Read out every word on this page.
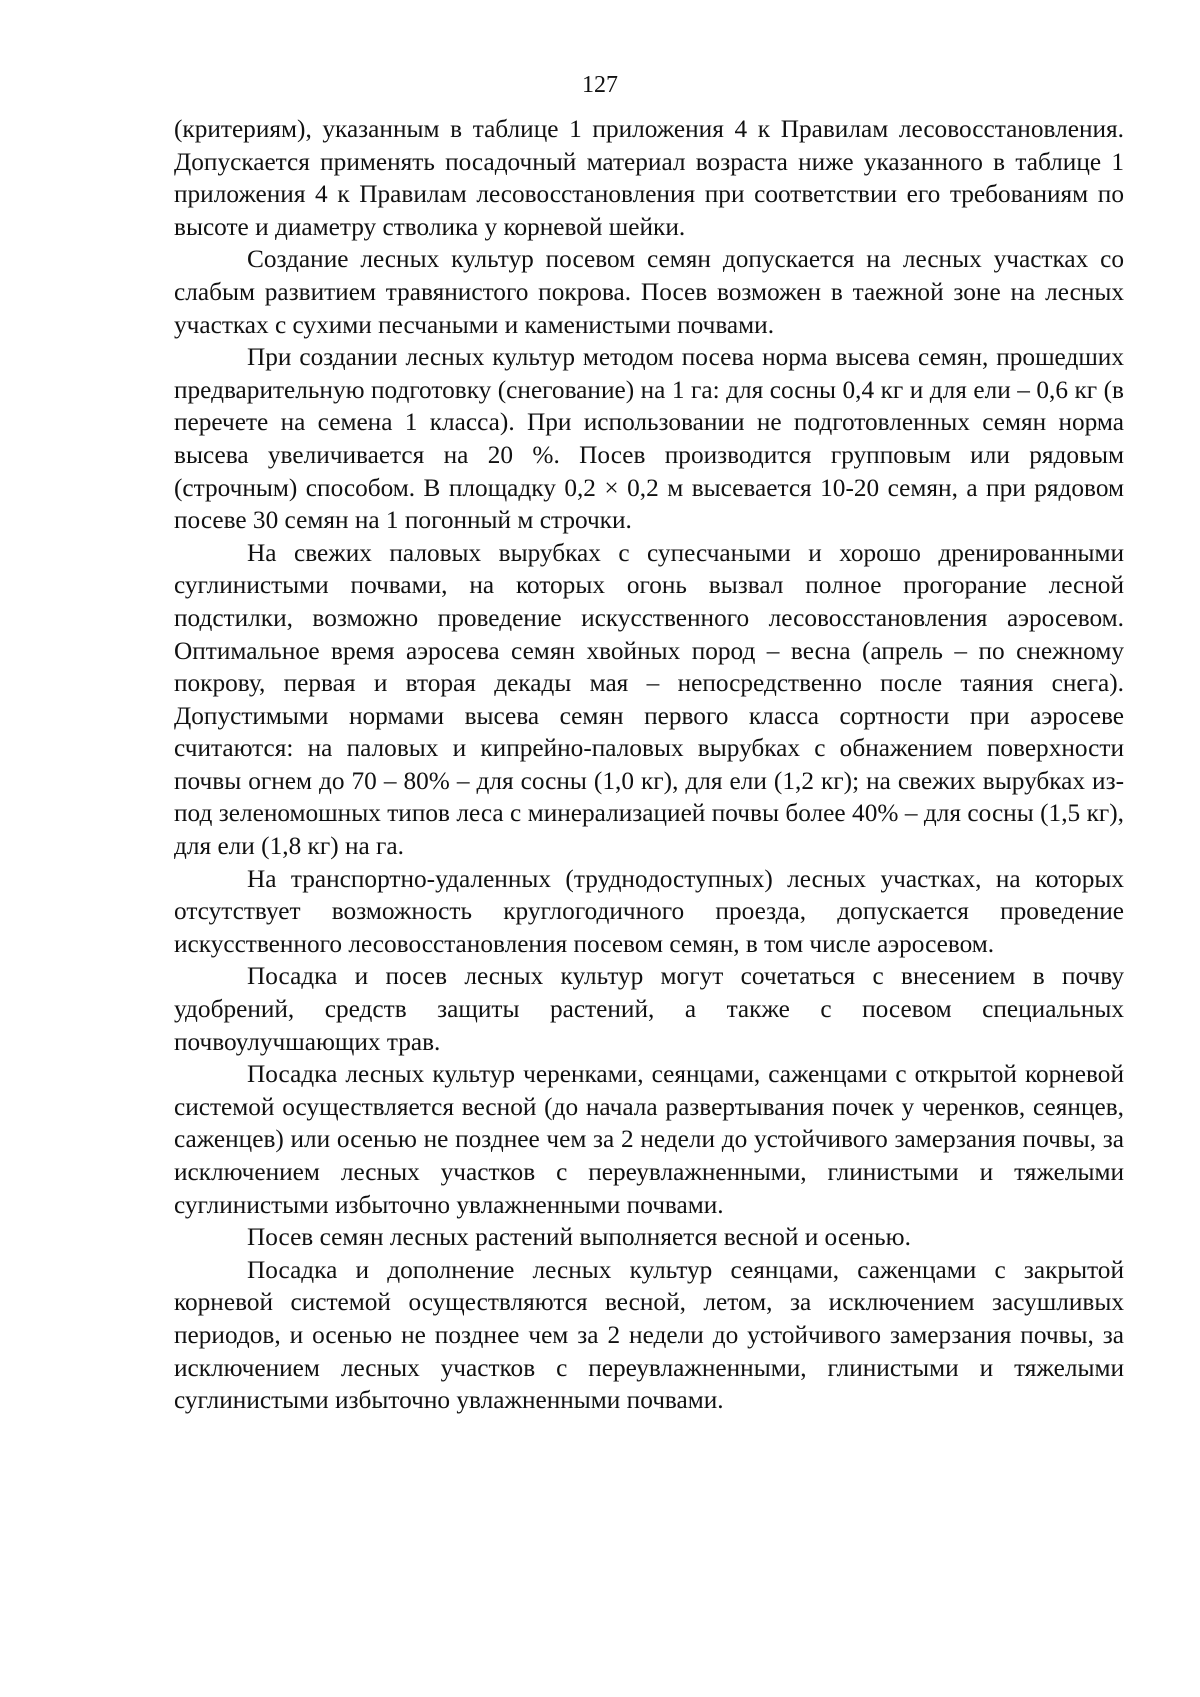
127

(критериям), указанным в таблице 1 приложения 4 к Правилам лесовосстановления. Допускается применять посадочный материал возраста ниже указанного в таблице 1 приложения 4 к Правилам лесовосстановления при соответствии его требованиям по высоте и диаметру стволика у корневой шейки.

Создание лесных культур посевом семян допускается на лесных участках со слабым развитием травянистого покрова. Посев возможен в таежной зоне на лесных участках с сухими песчаными и каменистыми почвами.

При создании лесных культур методом посева норма высева семян, прошедших предварительную подготовку (снегование) на 1 га: для сосны 0,4 кг и для ели – 0,6 кг (в перечете на семена 1 класса). При использовании не подготовленных семян норма высева увеличивается на 20 %. Посев производится групповым или рядовым (строчным) способом. В площадку 0,2 × 0,2 м высевается 10-20 семян, а при рядовом посеве 30 семян на 1 погонный м строчки.

На свежих паловых вырубках с супесчаными и хорошо дренированными суглинистыми почвами, на которых огонь вызвал полное прогорание лесной подстилки, возможно проведение искусственного лесовосстановления аэросевом. Оптимальное время аэросева семян хвойных пород – весна (апрель – по снежному покрову, первая и вторая декады мая – непосредственно после таяния снега). Допустимыми нормами высева семян первого класса сортности при аэросеве считаются: на паловых и кипрейно-паловых вырубках с обнажением поверхности почвы огнем до 70 – 80% – для сосны (1,0 кг), для ели (1,2 кг); на свежих вырубках из-под зеленомошных типов леса с минерализацией почвы более 40% – для сосны (1,5 кг), для ели (1,8 кг) на га.

На транспортно-удаленных (труднодоступных) лесных участках, на которых отсутствует возможность круглогодичного проезда, допускается проведение искусственного лесовосстановления посевом семян, в том числе аэросевом.

Посадка и посев лесных культур могут сочетаться с внесением в почву удобрений, средств защиты растений, а также с посевом специальных почвоулучшающих трав.

Посадка лесных культур черенками, сеянцами, саженцами с открытой корневой системой осуществляется весной (до начала развертывания почек у черенков, сеянцев, саженцев) или осенью не позднее чем за 2 недели до устойчивого замерзания почвы, за исключением лесных участков с переувлажненными, глинистыми и тяжелыми суглинистыми избыточно увлажненными почвами.

Посев семян лесных растений выполняется весной и осенью.

Посадка и дополнение лесных культур сеянцами, саженцами с закрытой корневой системой осуществляются весной, летом, за исключением засушливых периодов, и осенью не позднее чем за 2 недели до устойчивого замерзания почвы, за исключением лесных участков с переувлажненными, глинистыми и тяжелыми суглинистыми избыточно увлажненными почвами.
